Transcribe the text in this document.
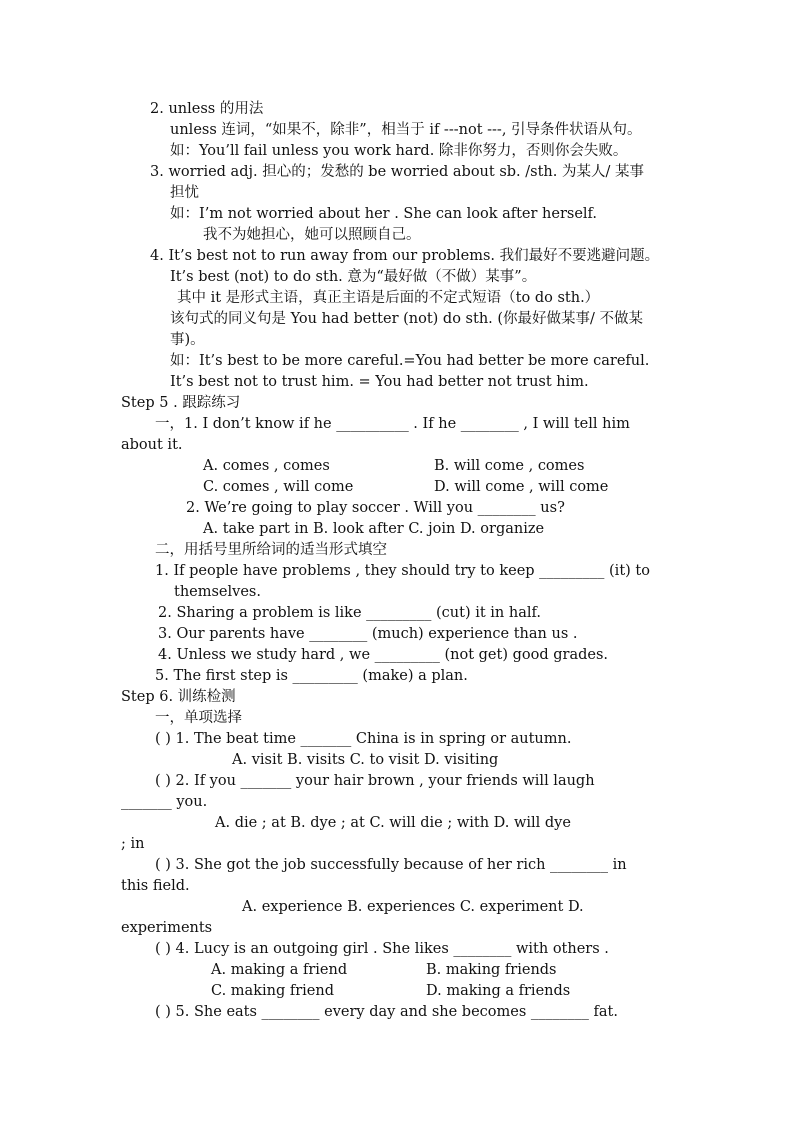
2. unless 的用法
unless 连词，“如果不，除非”，相当于 if ---not ---, 引导条件状语从句。
如：You’ll fail unless you work hard. 除非你努力，否则你会失败。
3. worried adj. 担心的；发愁的 be worried about sb. /sth. 为某人/ 某事
担忧
如：I’m not worried about her . She can look after herself.
我不为她担心，她可以照顾自己。
4. It’s best not to run away from our problems. 我们最好不要逃避问题。
It’s best (not) to do sth. 意为“最好做（不做）某事”。
其中 it 是形式主语，真正主语是后面的不定式短语（to do sth.）
该句式的同义句是 You had better (not) do sth. (你最好做某事/ 不做某
事)。
如：It’s best to be more careful.=You had better be more careful.
It’s best not to trust him. = You had better not trust him.
Step 5 . 跟踪练习
一，1. I don’t know if he __________ . If he ________ , I will tell him
about it.
A. comes , comes	B. will come , comes
C. comes , will come	D. will come , will come
2. We’re going to play soccer . Will you ________ us?
A. take part in B. look after C. join D. organize
二，用括号里所给词的适当形式填空
1. If people have problems , they should try to keep _________ (it) to
themselves.
2. Sharing a problem is like _________ (cut) it in half.
3. Our parents have ________ (much) experience than us .
4. Unless we study hard , we _________ (not get) good grades.
5. The first step is _________ (make) a plan.
Step 6. 训练检测
一，单项选择
( ) 1. The beat time _______ China is in spring or autumn.
A. visit B. visits C. to visit D. visiting
( ) 2. If you _______ your hair brown , your friends will laugh
_______ you.
A. die ; at B. dye ; at C. will die ; with D. will dye
; in
( ) 3. She got the job successfully because of her rich ________ in
this field.
A. experience B. experiences C. experiment D.
experiments
( ) 4. Lucy is an outgoing girl . She likes ________ with others .
A. making a friend	B. making friends
C. making friend	D. making a friends
( ) 5. She eats ________ every day and she becomes ________ fat.
